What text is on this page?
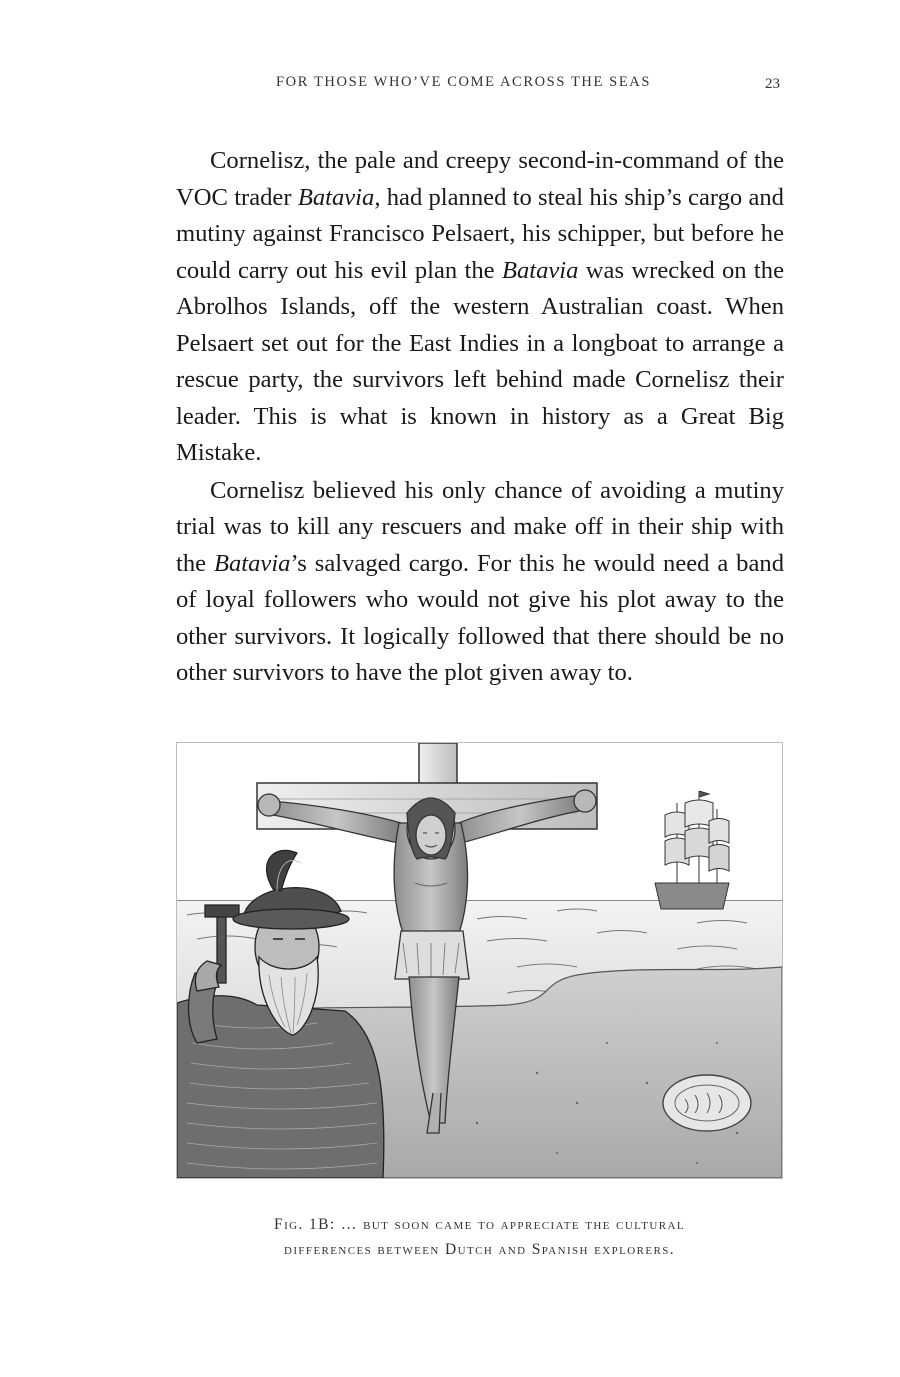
FOR THOSE WHO’VE COME ACROSS THE SEAS	23

Cornelisz, the pale and creepy second-in-command of the VOC trader Batavia, had planned to steal his ship’s cargo and mutiny against Francisco Pelsaert, his schipper, but before he could carry out his evil plan the Batavia was wrecked on the Abrolhos Islands, off the western Australian coast. When Pelsaert set out for the East Indies in a longboat to arrange a rescue party, the survivors left behind made Cornelisz their leader. This is what is known in history as a Great Big Mistake.

Cornelisz believed his only chance of avoiding a mutiny trial was to kill any rescuers and make off in their ship with the Batavia’s salvaged cargo. For this he would need a band of loyal followers who would not give his plot away to the other survivors. It logically followed that there should be no other survivors to have the plot given away to.

Fig. 1B: … but soon came to appreciate the cultural
differences between Dutch and Spanish explorers.
